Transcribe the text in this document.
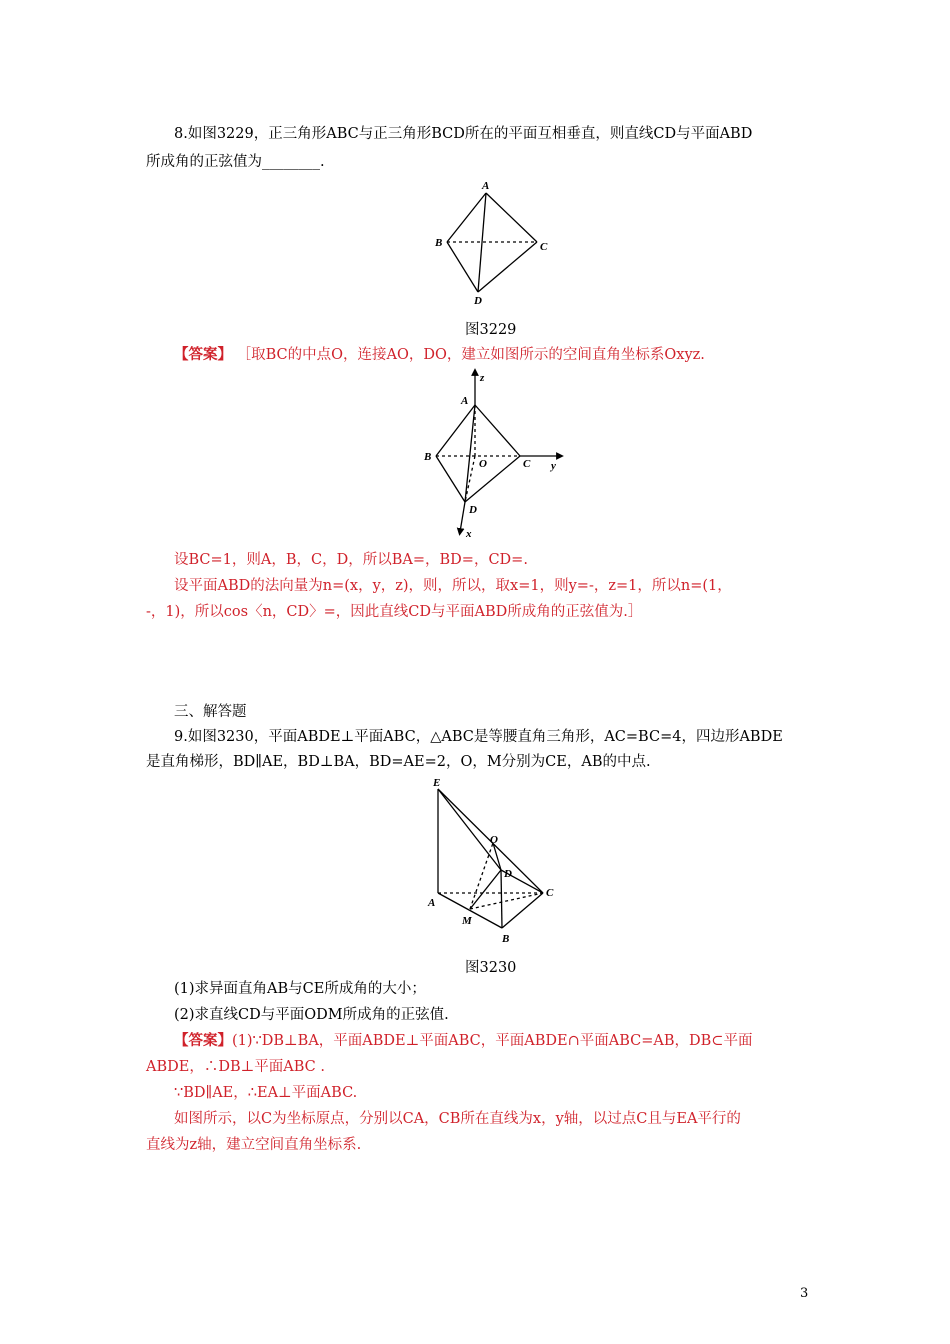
8.如图3229，正三角形ABC与正三角形BCD所在的平面互相垂直，则直线CD与平面ABD
所成角的正弦值为________.
A
B	C
D
图3229
【答案】 ［取BC的中点O，连接AO，DO，建立如图所示的空间直角坐标系Oxyz.
z
A
B
O	C y
D
x
设BC=1，则A，B，C，D，所以BA=，BD=，CD=.
设平面ABD的法向量为n=(x，y，z)，则，所以，取x=1，则y=-，z=1，所以n=(1，
-，1)，所以cos〈n，CD〉=，因此直线CD与平面ABD所成角的正弦值为.］
三、解答题
9.如图3230，平面ABDE⊥平面ABC，△ABC是等腰直角三角形，AC=BC=4，四边形ABDE
是直角梯形，BD∥AE，BD⊥BA，BD=AE=2，O，M分别为CE，AB的中点.
E
O
D
C
A
M
B
图3230
(1)求异面直角AB与CE所成角的大小；
(2)求直线CD与平面ODM所成角的正弦值.
【答案】(1)∵DB⊥BA，平面ABDE⊥平面ABC，平面ABDE∩平面ABC=AB，DB⊂平面
ABDE，∴DB⊥平面ABC .
∵BD∥AE，∴EA⊥平面ABC.
如图所示，以C为坐标原点，分别以CA，CB所在直线为x，y轴，以过点C且与EA平行的
直线为z轴，建立空间直角坐标系.
3
